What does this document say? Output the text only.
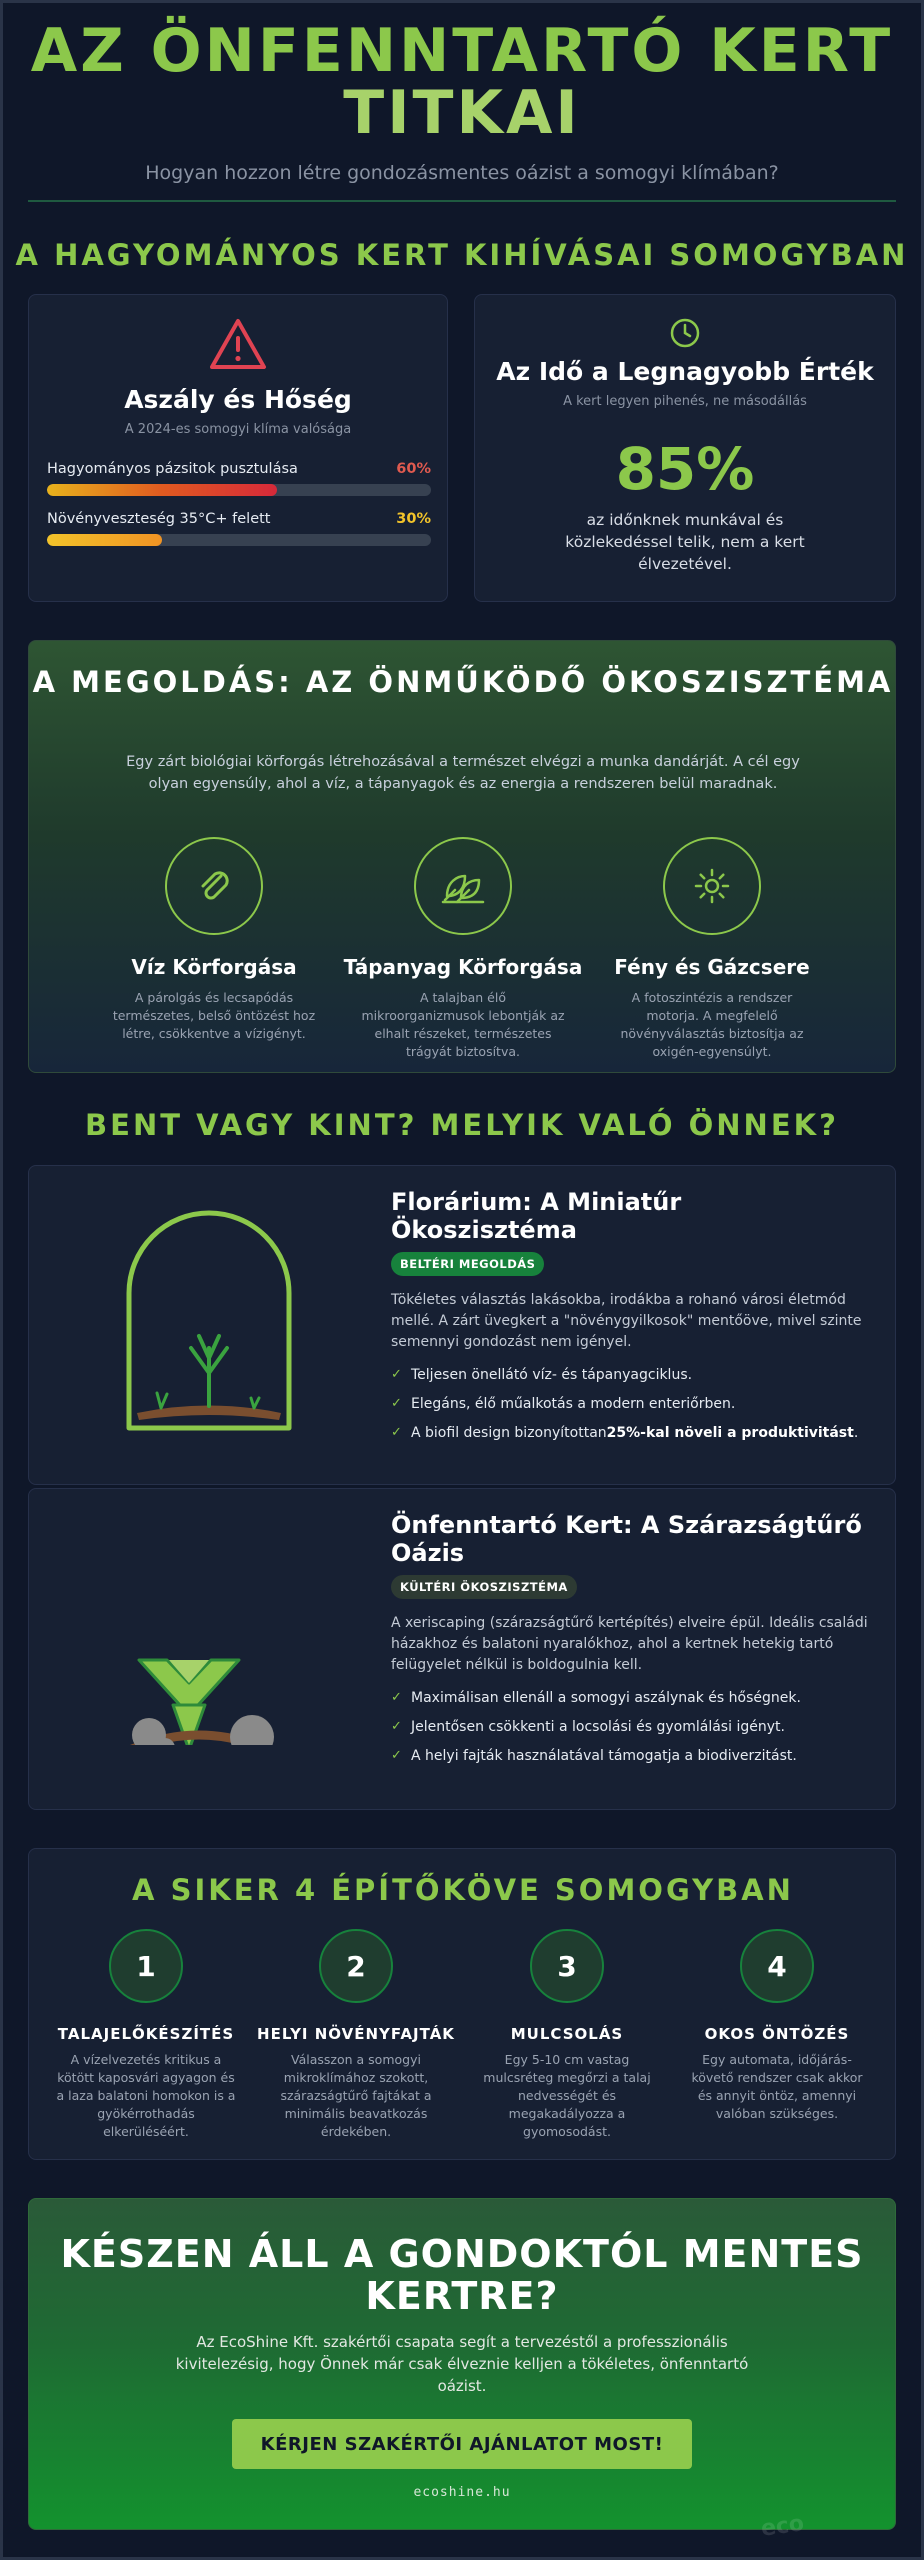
AZ ÖNFENNTARTÓ KERT
TITKAI

Hogyan hozzon létre gondozásmentes oázist a somogyi klímában?

A HAGYOMÁNYOS KERT KIHÍVÁSAI SOMOGYBAN
Aszály és Hőség

A 2024-es somogyi klíma valósága

Hagyományos pázsitok pusztulása	60%
Növényveszteség 35°C+ felett	30%
Az Idő a Legnagyobb Érték

A kert legyen pihenés, ne másodállás

85%

az időnknek munkával és közlekedéssel telik, nem a kert élvezetével.

A MEGOLDÁS: AZ ÖNMŰKÖDŐ ÖKOSZISZTÉMA

Egy zárt biológiai körforgás létrehozásával a természet elvégzi a munka dandárját. A cél egy olyan egyensúly, ahol a víz, a tápanyagok és az energia a rendszeren belül maradnak.

Víz Körforgása

A párolgás és lecsapódás természetes, belső öntözést hoz létre, csökkentve a vízigényt.

Tápanyag Körforgása

A talajban élő mikroorganizmusok lebontják az elhalt részeket, természetes trágyát biztosítva.

Fény és Gázcsere

A fotoszintézis a rendszer motorja. A megfelelő növényválasztás biztosítja az oxigén-egyensúlyt.

BENT VAGY KINT? MELYIK VALÓ ÖNNEK?
Florárium: A Miniatűr Ökoszisztéma
BELTÉRI MEGOLDÁS

Tökéletes választás lakásokba, irodákba a rohanó városi életmód mellé. A zárt üvegkert a "növénygyilkosok" mentőöve, mivel szinte semennyi gondozást nem igényel.

✓ Teljesen önellátó víz- és tápanyagciklus.
✓ Elegáns, élő műalkotás a modern enteriőrben.
✓ A biofil design bizonyítottan25%-kal növeli a produktivitást.
Önfenntartó Kert: A Szárazságtűrő Oázis
KÜLTÉRI ÖKOSZISZTÉMA

A xeriscaping (szárazságtűrő kertépítés) elveire épül. Ideális családi házakhoz és balatoni nyaralókhoz, ahol a kertnek hetekig tartó felügyelet nélkül is boldogulnia kell.

✓ Maximálisan ellenáll a somogyi aszálynak és hőségnek.
✓ Jelentősen csökkenti a locsolási és gyomlálási igényt.
✓ A helyi fajták használatával támogatja a biodiverzitást.
A SIKER 4 ÉPÍTŐKÖVE SOMOGYBAN
1
TALAJELŐKÉSZÍTÉS

A vízelvezetés kritikus a kötött kaposvári agyagon és a laza balatoni homokon is a gyökérrothadás elkerüléséért.

2
HELYI NÖVÉNYFAJTÁK

Válasszon a somogyi mikroklímához szokott, szárazságtűrő fajtákat a minimális beavatkozás érdekében.

3
MULCSOLÁS

Egy 5-10 cm vastag mulcsréteg megőrzi a talaj nedvességét és megakadályozza a gyomosodást.

4
OKOS ÖNTÖZÉS

Egy automata, időjárás-követő rendszer csak akkor és annyit öntöz, amennyi valóban szükséges.

KÉSZEN ÁLL A GONDOKTÓL MENTES KERTRE?

Az EcoShine Kft. szakértői csapata segít a tervezéstől a professzionális kivitelezésig, hogy Önnek már csak élveznie kelljen a tökéletes, önfenntartó oázist.

KÉRJEN SZAKÉRTŐI AJÁNLATOT MOST!
ecoshine.hu
eco
